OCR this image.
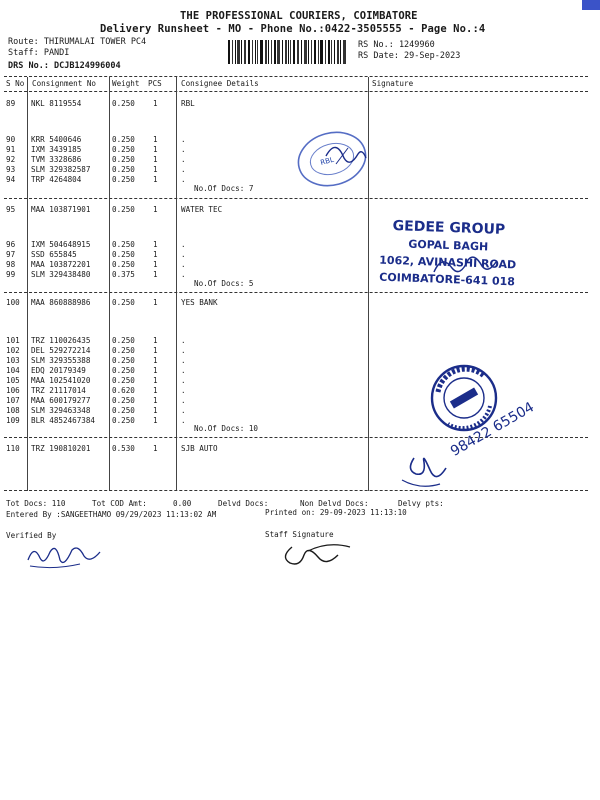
THE PROFESSIONAL COURIERS, COIMBATORE
Delivery Runsheet - MO - Phone No.:0422-3505555 - Page No.:4
Route: THIRUMALAI TOWER PC4
Staff: PANDI
DRS No.: DCJB124996004
RS No.: 1249960
RS Date: 29-Sep-2023
S No Consignment No Weight PCS	Consignee Details	Signature
89 NKL 8119554	0.250 1	RBL
90 KRR 5400646	0.250 1	.
91 IXM 3439185	0.250 1	.
92 TVM 3328686	0.250 1	.
93 SLM 329382587	0.250 1	.
94 TRP 4264804	0.250 1	.
No.Of Docs: 7
95 MAA 103871901	0.250 1	WATER TEC
96 IXM 504648915	0.250 1	.
97 SSD 655845	0.250 1	.
98 MAA 103872201	0.250 1	.
99 SLM 329438480	0.375 1	.
No.Of Docs: 5
100 MAA 860888986	0.250 1	YES BANK
101 TRZ 110026435	0.250 1	.
102 DEL 529272214	0.250 1	.
103 SLM 329355388	0.250 1	.
104 EDQ 20179349	0.250 1	.
105 MAA 102541020	0.250 1	.
106 TRZ 21117014	0.620 1	.
107 MAA 600179277	0.250 1	.
108 SLM 329463348	0.250 1	.
109 BLR 4852467384 0.250 1	.
No.Of Docs: 10
110 TRZ 190810201	0.530 1	SJB AUTO
Tot Docs: 110	Tot COD Amt:	0.00	Delvd Docs:	Non Delvd Docs:	Delvy pts:
Entered By :SANGEETHAMO 09/29/2023 11:13:02 AM	Printed on: 29-09-2023 11:13:10
Verified By	Staff Signature
RBL
GEDEE GROUP
GOPAL BAGH
1062, AVINASHI ROAD
COIMBATORE-641 018
98422 65504
